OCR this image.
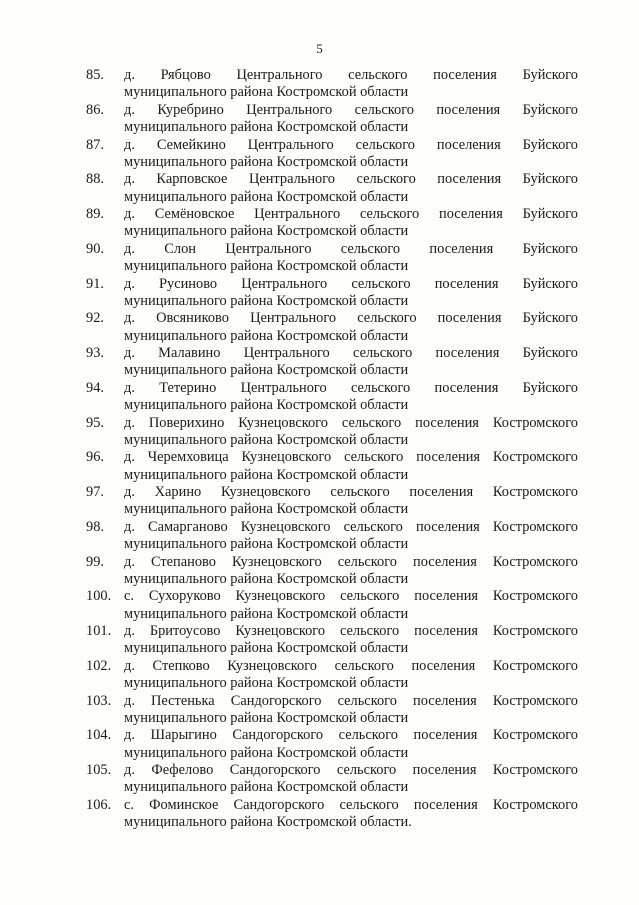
5
85.	д. Рябцово Центрального сельского поселения Буйского
муниципального района Костромской области
86.	д. Куребрино Центрального сельского поселения Буйского
муниципального района Костромской области
87.	д. Семейкино Центрального сельского поселения Буйского
муниципального района Костромской области
88.	д. Карповское Центрального сельского поселения Буйского
муниципального района Костромской области
89.	д. Семёновское Центрального сельского поселения Буйского
муниципального района Костромской области
90.	д. Слон Центрального сельского поселения Буйского
муниципального района Костромской области
91.	д. Русиново Центрального сельского поселения Буйского
муниципального района Костромской области
92.	д. Овсяниково Центрального сельского поселения Буйского
муниципального района Костромской области
93.	д. Малавино Центрального сельского поселения Буйского
муниципального района Костромской области
94.	д. Тетерино Центрального сельского поселения Буйского
муниципального района Костромской области
95.	д. Поверихино Кузнецовского сельского поселения Костромского
муниципального района Костромской области
96.	д. Черемховица Кузнецовского сельского поселения Костромского
муниципального района Костромской области
97.	д. Харино Кузнецовского сельского поселения Костромского
муниципального района Костромской области
98.	д. Самарганово Кузнецовского сельского поселения Костромского
муниципального района Костромской области
99.	д. Степаново Кузнецовского сельского поселения Костромского
муниципального района Костромской области
100. с. Сухоруково Кузнецовского сельского поселения Костромского
муниципального района Костромской области
101. д. Бритоусово Кузнецовского сельского поселения Костромского
муниципального района Костромской области
102. д. Степково Кузнецовского сельского поселения Костромского
муниципального района Костромской области
103. д. Пестенька Сандогорского сельского поселения Костромского
муниципального района Костромской области
104. д. Шарыгино Сандогорского сельского поселения Костромского
муниципального района Костромской области
105. д. Фефелово Сандогорского сельского поселения Костромского
муниципального района Костромской области
106. с. Фоминское Сандогорского сельского поселения Костромского
муниципального района Костромской области.
